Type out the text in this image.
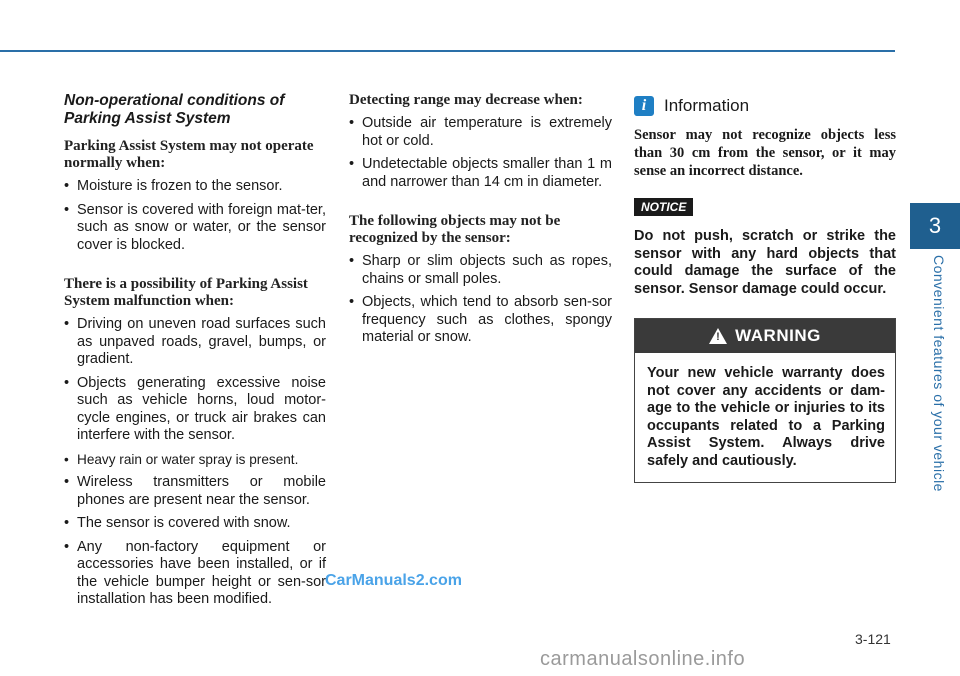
3
Convenient features of your vehicle

Non-operational conditions of Parking Assist System

Parking Assist System may not operate normally when:

• Moisture is frozen to the sensor.
• Sensor is covered with foreign mat-ter, such as snow or water, or the sensor cover is blocked.

There is a possibility of Parking Assist System malfunction when:

• Driving on uneven road surfaces such as unpaved roads, gravel, bumps, or gradient.
• Objects generating excessive noise such as vehicle horns, loud motor-cycle engines, or truck air brakes can interfere with the sensor.
• Heavy rain or water spray is present.
• Wireless transmitters or mobile phones are present near the sensor.
• The sensor is covered with snow.
• Any non-factory equipment or accessories have been installed, or if the vehicle bumper height or sen-sor installation has been modified.

Detecting range may decrease when:

• Outside air temperature is extremely hot or cold.
• Undetectable objects smaller than 1 m and narrower than 14 cm in diameter.

The following objects may not be recognized by the sensor:

• Sharp or slim objects such as ropes, chains or small poles.
• Objects, which tend to absorb sen-sor frequency such as clothes, spongy material or snow.
i	Information

Sensor may not recognize objects less than 30 cm from the sensor, or it may sense an incorrect distance.

NOTICE

Do not push, scratch or strike the sensor with any hard objects that could damage the surface of the sensor. Sensor damage could occur.

! WARNING
Your new vehicle warranty does not cover any accidents or dam-age to the vehicle or injuries to its occupants related to a Parking Assist System. Always drive safely and cautiously.
CarManuals2.com
3-121
carmanualsonline.info
